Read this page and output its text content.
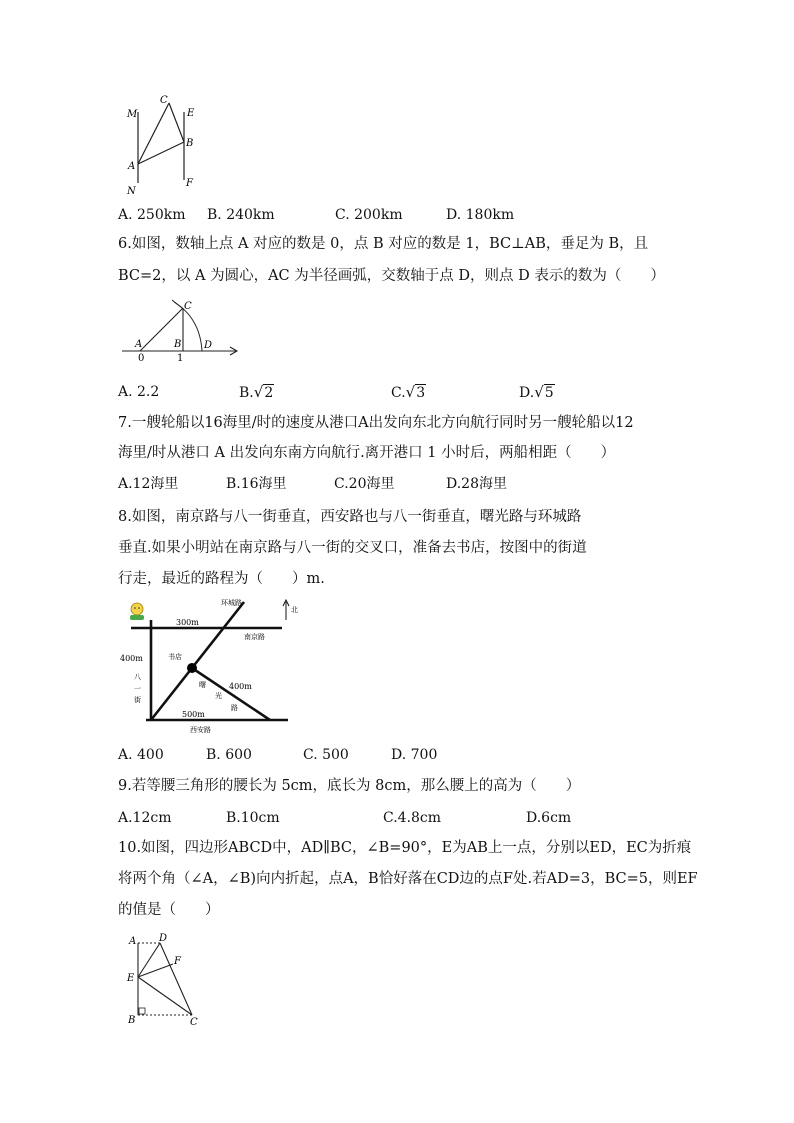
M
N
C
E
B
F
A
A. 250km B. 240km	C. 200km	D. 180km
6.如图，数轴上点 A 对应的数是 0，点 B 对应的数是 1，BC⊥AB，垂足为 B，且
BC=2，以 A 为圆心，AC 为半径画弧，交数轴于点 D，则点 D 表示的数为（　　）
C
A	B D
0	1
A. 2.2	B.√2	C.√3	D.√5
7.一艘轮船以16海里/时的速度从港口A出发向东北方向航行同时另一艘轮船以12
海里/时从港口 A 出发向东南方向航行.离开港口 1 小时后，两船相距（　　）
A.12海里	B.16海里	C.20海里	D.28海里
8.如图，南京路与八一街垂直，西安路也与八一街垂直，曙光路与环城路
垂直.如果小明站在南京路与八一街的交叉口，准备去书店，按图中的街道
行走，最近的路程为（　　）m.
北
环城路
300m
南京路
400m	书店
曙
光
路
400m
八
一
街
500m
西安路
A. 400	B. 600	C. 500	D. 700
9.若等腰三角形的腰长为 5cm，底长为 8cm，那么腰上的高为（　　）
A.12cm	B.10cm	C.4.8cm	D.6cm
10.如图，四边形ABCD中，AD∥BC，∠B=90°，E为AB上一点，分别以ED，EC为折痕
将两个角（∠A，∠B)向内折起，点A，B恰好落在CD边的点F处.若AD=3，BC=5，则EF
的值是（　　）
A D
F
E
B	C
